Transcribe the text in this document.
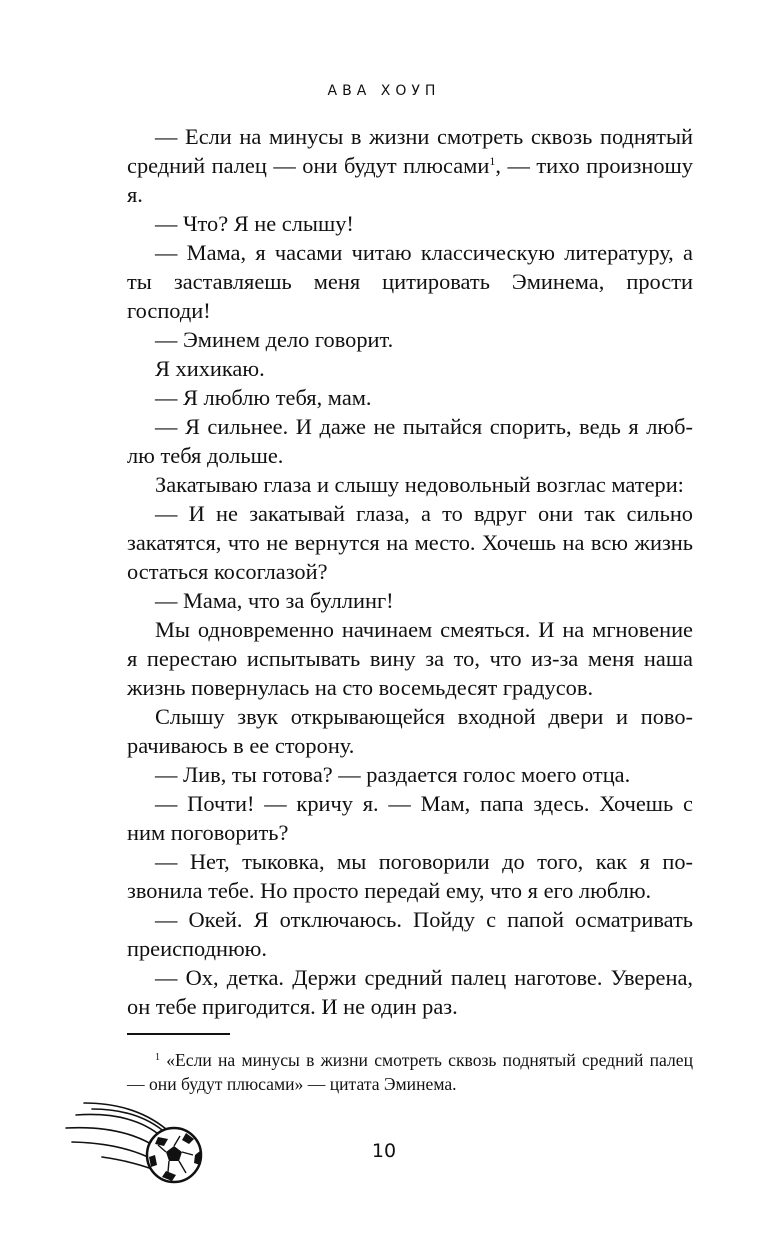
АВА ХОУП

— Если на минусы в жизни смотреть сквозь поднятый средний палец — они будут плюсами$^1$, — тихо произношу я.

— Что? Я не слышу!

— Мама, я часами читаю классическую литературу, а ты заставляешь меня цитировать Эминема, прости господи!

— Эминем дело говорит.

Я хихикаю.

— Я люблю тебя, мам.

— Я сильнее. И даже не пытайся спорить, ведь я люблю тебя дольше.

Закатываю глаза и слышу недовольный возглас матери:

— И не закатывай глаза, а то вдруг они так сильно закатятся, что не вернутся на место. Хочешь на всю жизнь остаться косоглазой?

— Мама, что за буллинг!

Мы одновременно начинаем смеяться. И на мгновение я перестаю испытывать вину за то, что из-за меня наша жизнь повернулась на сто восемьдесят градусов.

Слышу звук открывающейся входной двери и поворачиваюсь в ее сторону.

— Лив, ты готова? — раздается голос моего отца.

— Почти! — кричу я. — Мам, папа здесь. Хочешь с ним поговорить?

— Нет, тыковка, мы поговорили до того, как я позвонила тебе. Но просто передай ему, что я его люблю.

— Окей. Я отключаюсь. Пойду с папой осматривать преисподнюю.

— Ох, детка. Держи средний палец наготове. Уверена, он тебе пригодится. И не один раз.

$^1$ «Если на минусы в жизни смотреть сквозь поднятый средний палец — они будут плюсами» — цитата Эминема.

10
